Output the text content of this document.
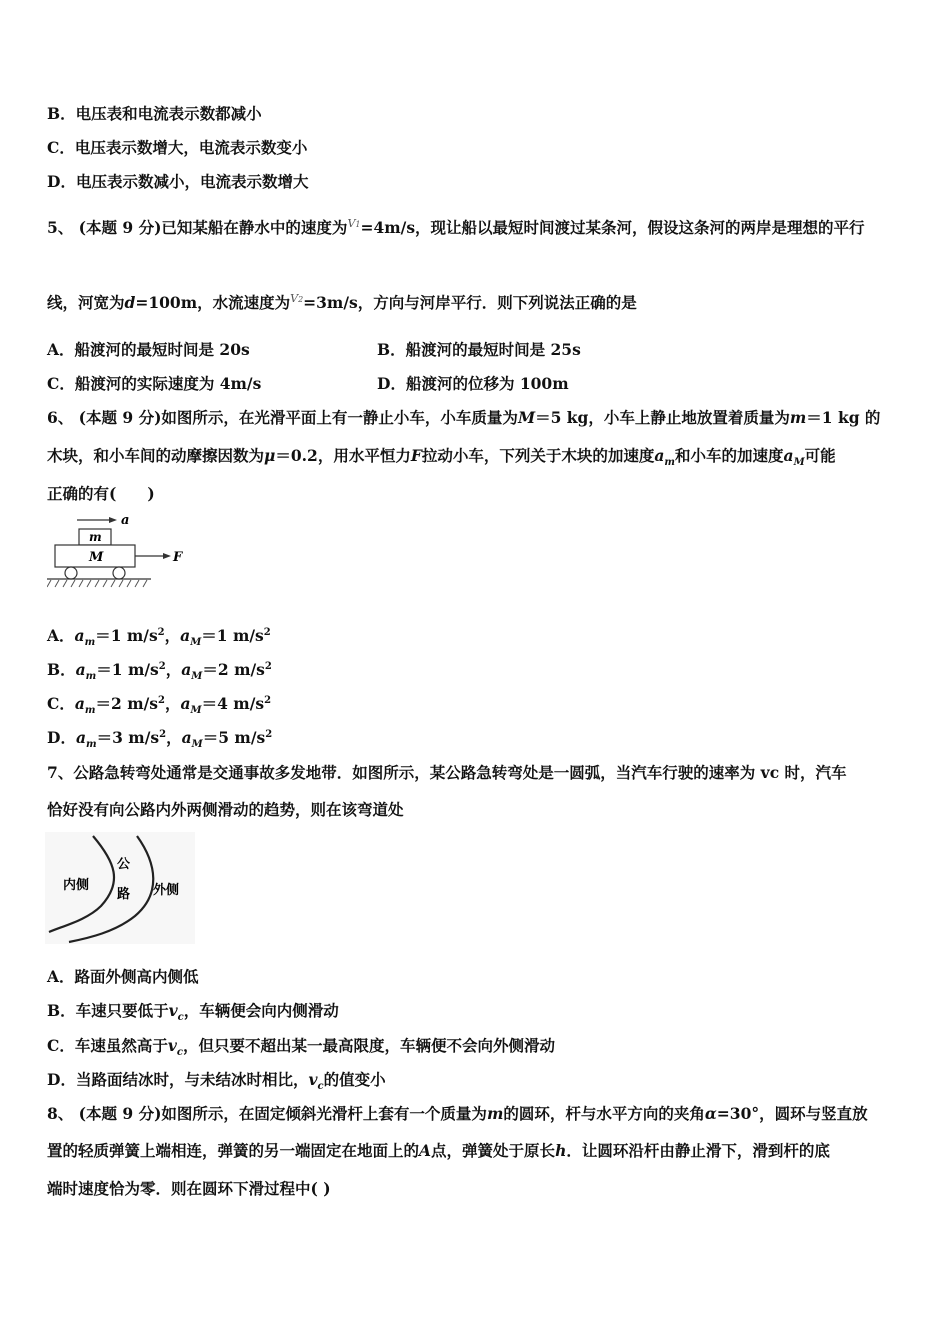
B．电压表和电流表示数都减小
C．电压表示数增大，电流表示数变小
D．电压表示数减小，电流表示数增大
5、 (本题 9 分)已知某船在静水中的速度为$^{V1}$=4m/s，现让船以最短时间渡过某条河，假设这条河的两岸是理想的平行
线，河宽为d=100m，水流速度为$^{V2}$=3m/s，方向与河岸平行．则下列说法正确的是
A．船渡河的最短时间是 20s	B．船渡河的最短时间是 25s
C．船渡河的实际速度为 4m/s	D．船渡河的位移为 100m
6、 (本题 9 分)如图所示，在光滑平面上有一静止小车，小车质量为M＝5 kg，小车上静止地放置着质量为m＝1 kg 的
木块，和小车间的动摩擦因数为μ＝0.2，用水平恒力F拉动小车，下列关于木块的加速度$a_m$和小车的加速度$a_M$可能
正确的有(　　)
a
m
M	F
A．$a_m=1$ $m/s^2$，$a_M=1$ $m/s^2$
B．$a_m=1$ $m/s^2$，$a_M=2$ $m/s^2$
C．$a_m=2$ $m/s^2$，$a_M=4$ $m/s^2$
D．$a_m=3$ $m/s^2$，$a_M=5$ $m/s^2$
7、公路急转弯处通常是交通事故多发地带．如图所示，某公路急转弯处是一圆弧，当汽车行驶的速率为 vc 时，汽车
恰好没有向公路内外两侧滑动的趋势，则在该弯道处
内侧
公
路 外侧
A．路面外侧高内侧低
B．车速只要低于$v_c$，车辆便会向内侧滑动
C．车速虽然高于$v_c$，但只要不超出某一最高限度，车辆便不会向外侧滑动
D．当路面结冰时，与未结冰时相比，$v_c$的值变小
8、 (本题 9 分)如图所示，在固定倾斜光滑杆上套有一个质量为m的圆环，杆与水平方向的夹角α=30°，圆环与竖直放
置的轻质弹簧上端相连，弹簧的另一端固定在地面上的A点，弹簧处于原长h．让圆环沿杆由静止滑下，滑到杆的底
端时速度恰为零．则在圆环下滑过程中( )
